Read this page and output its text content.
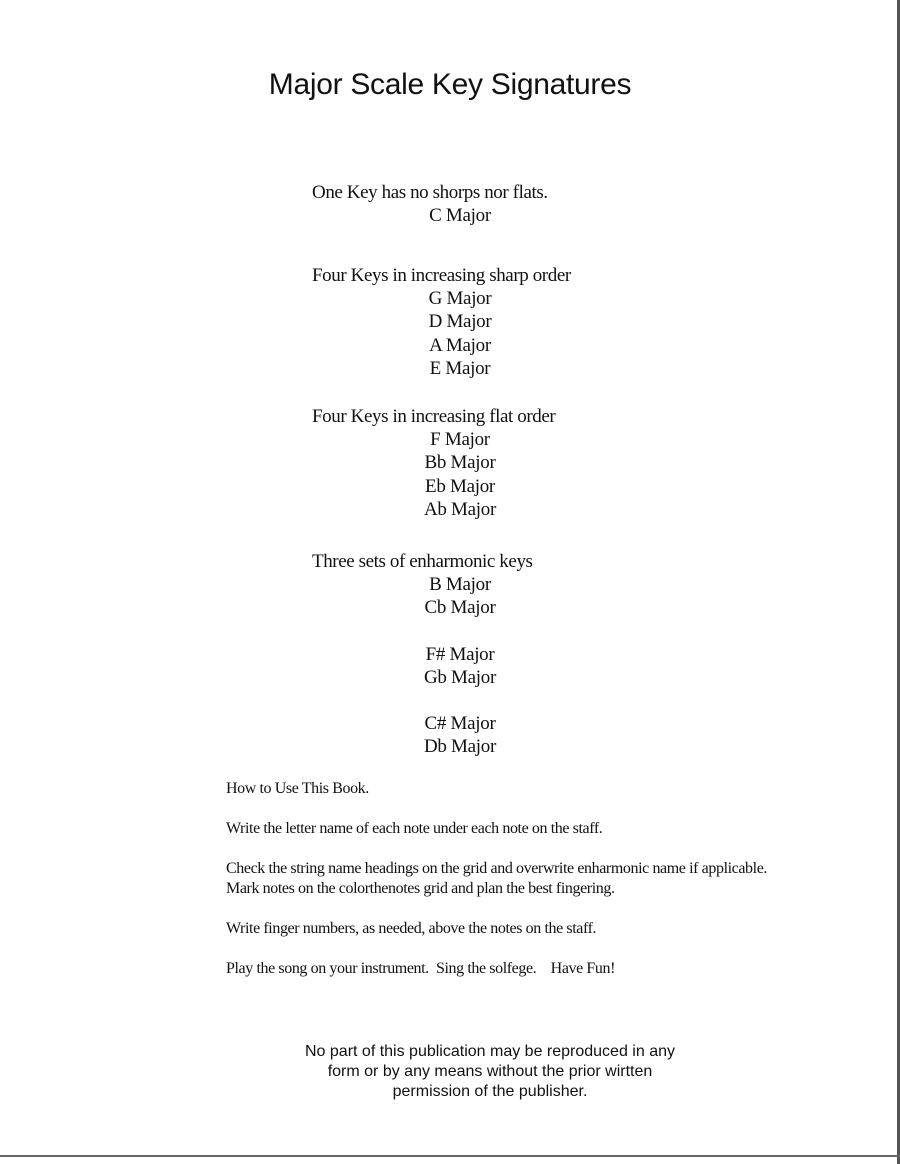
Major Scale Key Signatures
One Key has no shorps nor flats.
C Major
Four Keys in increasing sharp order
G Major
D Major
A Major
E Major
Four Keys in increasing flat order
F Major
Bb Major
Eb Major
Ab Major
Three sets of enharmonic keys
B Major
Cb Major
F# Major
Gb Major
C# Major
Db Major

How to Use This Book.

Write the letter name of each note under each note on the staff.

Check the string name headings on the grid and overwrite enharmonic name if applicable.

Mark notes on the colorthenotes grid and plan the best fingering.

Write finger numbers, as needed, above the notes on the staff.

Play the song on your instrument.  Sing the solfege.    Have Fun!

No part of this publication may be reproduced in any
form or by any means without the prior wirtten
permission of the publisher.
